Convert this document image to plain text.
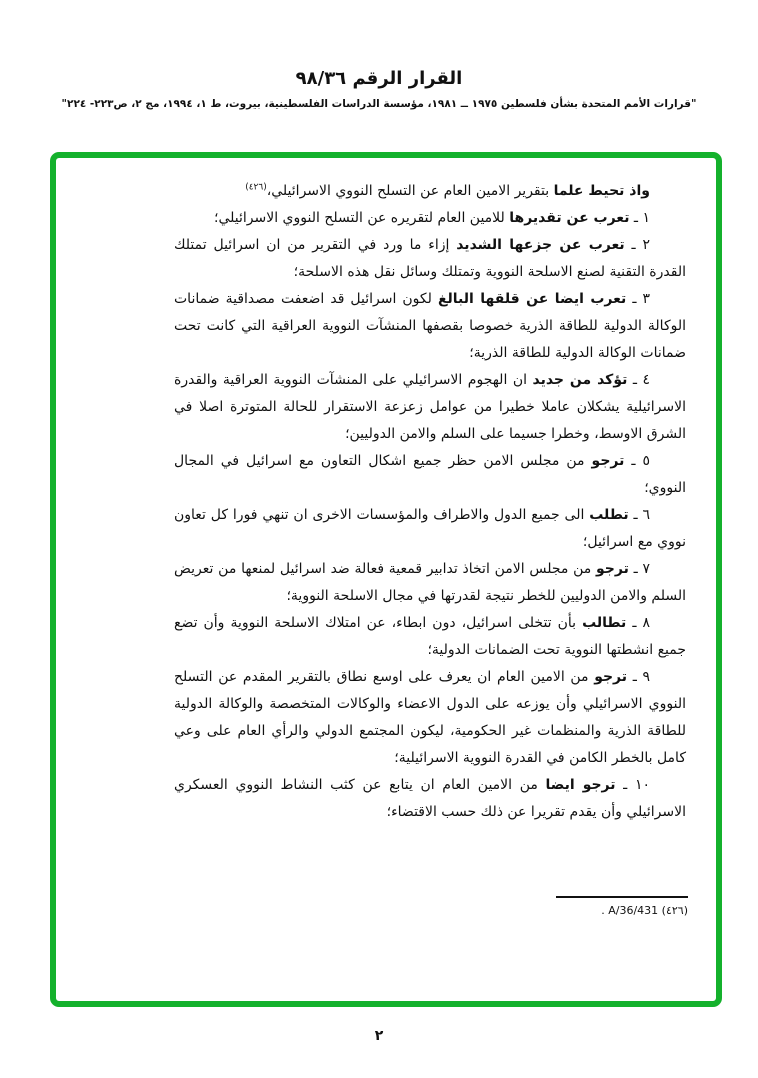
القرار الرقم ٩٨/٣٦
"قرارات الأمم المتحدة بشأن فلسطين ١٩٧٥ ــ ١٩٨١، مؤسسة الدراسات الفلسطينية، بيروت، ط ١، ١٩٩٤، مج ٢، ص٢٢٣- ٢٢٤"

واذ تحيط علما بتقرير الامين العام عن التسلح النووي الاسرائيلي،$^{(٤٢٦)}$

١ ـ تعرب عن تقديرها للامين العام لتقريره عن التسلح النووي الاسرائيلي؛

٢ ـ تعرب عن جزعها الشديد إزاء ما ورد في التقرير من ان اسرائيل تمتلك القدرة التقنية لصنع الاسلحة النووية وتمتلك وسائل نقل هذه الاسلحة؛

٣ ـ تعرب ايضا عن قلقها البالغ لكون اسرائيل قد اضعفت مصداقية ضمانات الوكالة الدولية للطاقة الذرية خصوصا بقصفها المنشآت النووية العراقية التي كانت تحت ضمانات الوكالة الدولية للطاقة الذرية؛

٤ ـ تؤكد من جديد ان الهجوم الاسرائيلي على المنشآت النووية العراقية والقدرة الاسرائيلية يشكلان عاملا خطيرا من عوامل زعزعة الاستقرار للحالة المتوترة اصلا في الشرق الاوسط، وخطرا جسيما على السلم والامن الدوليين؛

٥ ـ ترجو من مجلس الامن حظر جميع اشكال التعاون مع اسرائيل في المجال النووي؛

٦ ـ تطلب الى جميع الدول والاطراف والمؤسسات الاخرى ان تنهي فورا كل تعاون نووي مع اسرائيل؛

٧ ـ ترجو من مجلس الامن اتخاذ تدابير قمعية فعالة ضد اسرائيل لمنعها من تعريض السلم والامن الدوليين للخطر نتيجة لقدرتها في مجال الاسلحة النووية؛

٨ ـ تطالب بأن تتخلى اسرائيل، دون ابطاء، عن امتلاك الاسلحة النووية وأن تضع جميع انشطتها النووية تحت الضمانات الدولية؛

٩ ـ ترجو من الامين العام ان يعرف على اوسع نطاق بالتقرير المقدم عن التسلح النووي الاسرائيلي وأن يوزعه على الدول الاعضاء والوكالات المتخصصة والوكالة الدولية للطاقة الذرية والمنظمات غير الحكومية، ليكون المجتمع الدولي والرأي العام على وعي كامل بالخطر الكامن في القدرة النووية الاسرائيلية؛

١٠ ـ ترجو ايضا من الامين العام ان يتابع عن كثب النشاط النووي العسكري الاسرائيلي وأن يقدم تقريرا عن ذلك حسب الاقتضاء؛

(٤٢٦) A/36/431 .
٢
